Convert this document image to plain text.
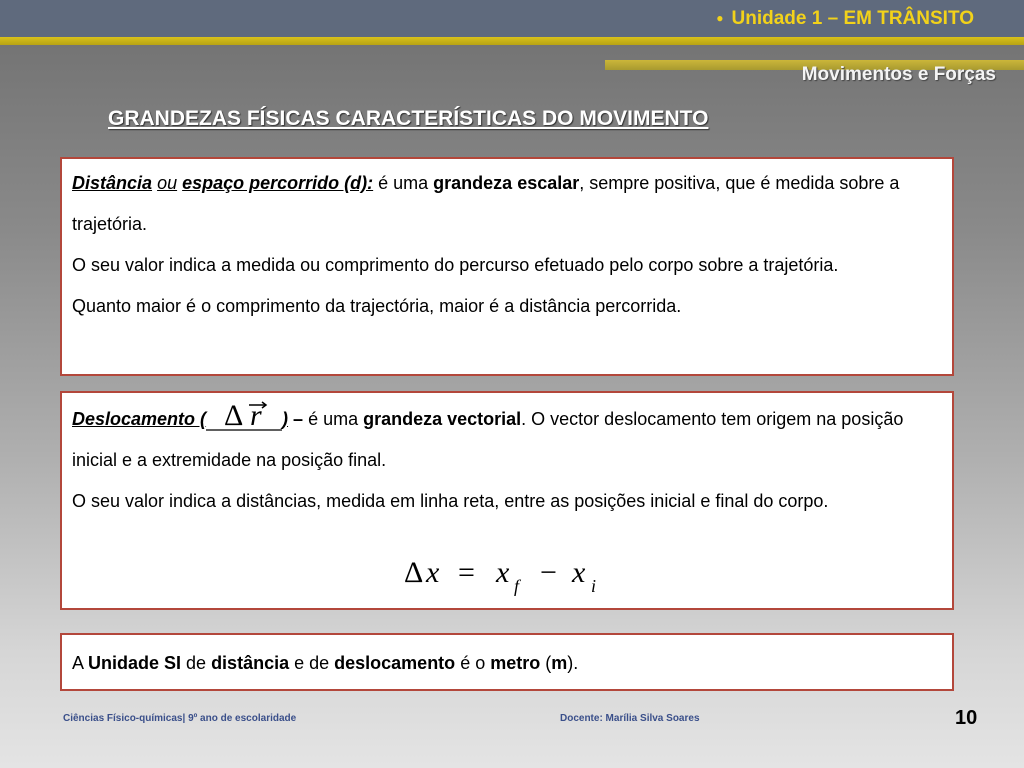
● Unidade 1 – EM TRÂNSITO
Movimentos e Forças
GRANDEZAS FÍSICAS CARACTERÍSTICAS DO MOVIMENTO
Distância ou espaço percorrido (d): é uma grandeza escalar, sempre positiva, que é medida sobre a trajetória.
O seu valor indica a medida ou comprimento do percurso efetuado pelo corpo sobre a trajetória.
Quanto maior é o comprimento da trajectória, maior é a distância percorrida.
Deslocamento ( Δ r ) – é uma grandeza vectorial. O vector deslocamento tem origem na posição inicial e a extremidade na posição final.
O seu valor indica a distâncias, medida em linha reta, entre as posições inicial e final do corpo.
Δ x = x f − x i
A Unidade SI de distância e de deslocamento é o metro (m).
Ciências Físico-químicas| 9º ano de escolaridade	Docente: Marília Silva Soares	10
